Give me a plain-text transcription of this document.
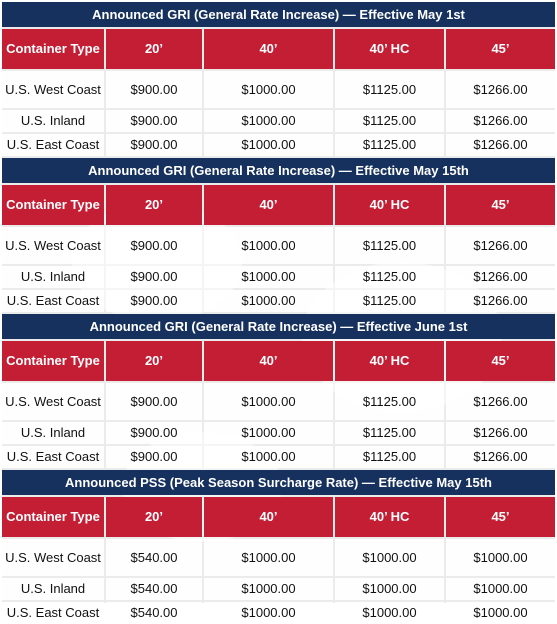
Announced GRI (General Rate Increase) — Effective May 1st
Container Type	20’	40’	40’ HC	45’
U.S. West Coast	$900.00	$1000.00	$1125.00	$1266.00
U.S. Inland	$900.00	$1000.00	$1125.00	$1266.00
U.S. East Coast	$900.00	$1000.00	$1125.00	$1266.00
Announced GRI (General Rate Increase) — Effective May 15th
Container Type	20’	40’	40’ HC	45’
U.S. West Coast	$900.00	$1000.00	$1125.00	$1266.00
U.S. Inland	$900.00	$1000.00	$1125.00	$1266.00
U.S. East Coast	$900.00	$1000.00	$1125.00	$1266.00
Announced GRI (General Rate Increase) — Effective June 1st
Container Type	20’	40’	40’ HC	45’
U.S. West Coast	$900.00	$1000.00	$1125.00	$1266.00
U.S. Inland	$900.00	$1000.00	$1125.00	$1266.00
U.S. East Coast	$900.00	$1000.00	$1125.00	$1266.00
Announced PSS (Peak Season Surcharge Rate) — Effective May 15th
Container Type	20’	40’	40’ HC	45’
U.S. West Coast	$540.00	$1000.00	$1000.00	$1000.00
U.S. Inland	$540.00	$1000.00	$1000.00	$1000.00
U.S. East Coast	$540.00	$1000.00	$1000.00	$1000.00
